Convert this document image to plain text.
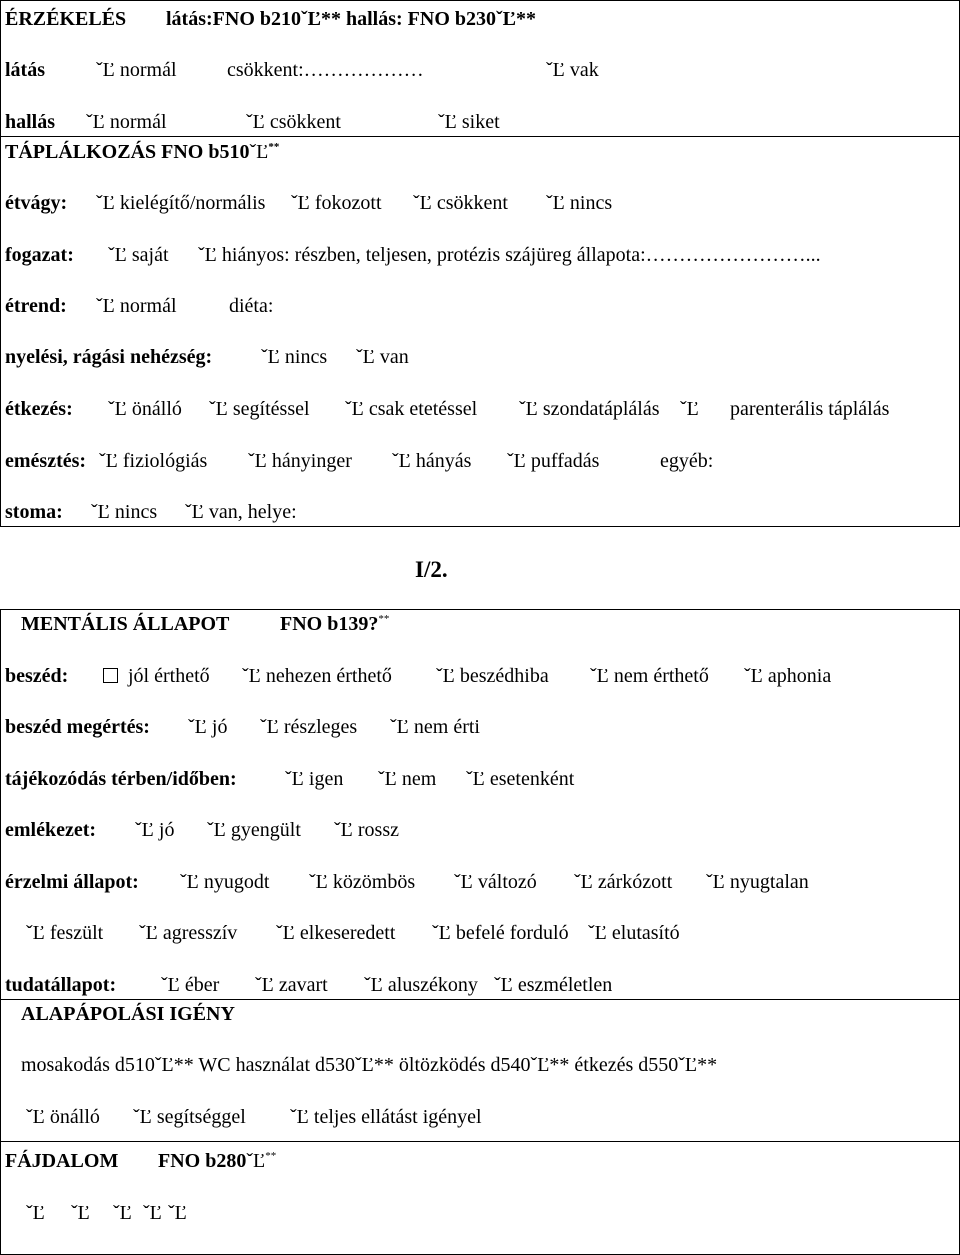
ÉRZÉKELÉS látás:FNO b210ˇĽ** hallás: FNO b230ˇĽ**
látás	ˇĽ normál	csökkent:………………	ˇĽ vak
hallás ˇĽ normál	ˇĽ csökkent	ˇĽ siket
TÁPLÁLKOZÁS FNO b510ˇĽ**
étvágy: ˇĽ kielégítő/normális ˇĽ fokozott ˇĽ csökkent ˇĽ nincs
fogazat: ˇĽ saját ˇĽ hiányos: részben, teljesen, protézis szájüreg állapota:……………………...
étrend: ˇĽ normál	diéta:
nyelési, rágási nehézség: ˇĽ nincs ˇĽ van
étkezés: ˇĽ önálló ˇĽ segítéssel ˇĽ csak etetéssel ˇĽ szondatáplálás ˇĽ parenterális táplálás
emésztés: ˇĽ fiziológiás ˇĽ hányinger ˇĽ hányás ˇĽ puffadás	egyéb:
stoma: ˇĽ nincs ˇĽ van, helye:
I/2.
MENTÁLIS ÁLLAPOT	FNO b139?**
beszéd:	jól érthető ˇĽ nehezen érthető ˇĽ beszédhiba ˇĽ nem érthető ˇĽ aphonia
beszéd megértés: ˇĽ jó ˇĽ részleges ˇĽ nem érti
tájékozódás térben/időben: ˇĽ igen ˇĽ nem ˇĽ esetenként
emlékezet: ˇĽ jó ˇĽ gyengült ˇĽ rossz
érzelmi állapot: ˇĽ nyugodt ˇĽ közömbös ˇĽ változó ˇĽ zárkózott ˇĽ nyugtalan
ˇĽ feszült ˇĽ agresszív ˇĽ elkeseredett ˇĽ befelé forduló ˇĽ elutasító
tudatállapot: ˇĽ éber ˇĽ zavart ˇĽ aluszékony ˇĽ eszméletlen
ALAPÁPOLÁSI IGÉNY
mosakodás d510ˇĽ** WC használat d530ˇĽ** öltözködés d540ˇĽ** étkezés d550ˇĽ**
ˇĽ önálló ˇĽ segítséggel ˇĽ teljes ellátást igényel
FÁJDALOM FNO b280ˇĽ**
ˇĽ ˇĽ ˇĽ ˇĽ ˇĽ
